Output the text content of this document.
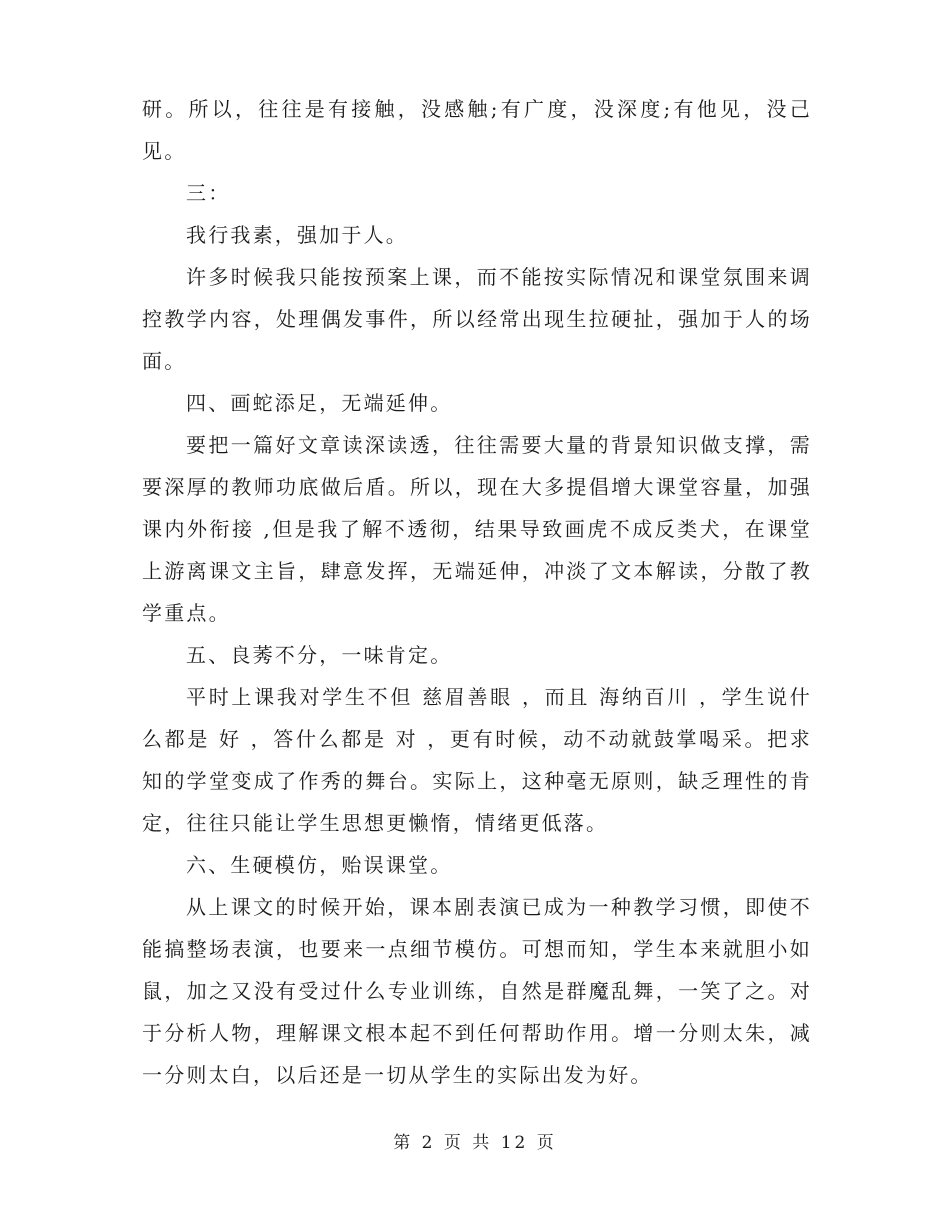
研。所以，往往是有接触，没感触;有广度，没深度;有他见，没己见。

三：

我行我素，强加于人。

许多时候我只能按预案上课，而不能按实际情况和课堂氛围来调控教学内容，处理偶发事件，所以经常出现生拉硬扯，强加于人的场面。

四、画蛇添足，无端延伸。

要把一篇好文章读深读透，往往需要大量的背景知识做支撑，需要深厚的教师功底做后盾。所以，现在大多提倡增大课堂容量，加强课内外衔接 ,但是我了解不透彻，结果导致画虎不成反类犬，在课堂上游离课文主旨，肆意发挥，无端延伸，冲淡了文本解读，分散了教学重点。

五、良莠不分，一味肯定。

平时上课我对学生不但 慈眉善眼 ，而且 海纳百川 ，学生说什么都是 好 ，答什么都是 对 ，更有时候，动不动就鼓掌喝采。把求知的学堂变成了作秀的舞台。实际上，这种毫无原则，缺乏理性的肯定，往往只能让学生思想更懒惰，情绪更低落。

六、生硬模仿，贻误课堂。

从上课文的时候开始，课本剧表演已成为一种教学习惯，即使不能搞整场表演，也要来一点细节模仿。可想而知，学生本来就胆小如鼠，加之又没有受过什么专业训练，自然是群魔乱舞，一笑了之。对于分析人物，理解课文根本起不到任何帮助作用。增一分则太朱，减一分则太白，以后还是一切从学生的实际出发为好。

第 2 页 共 12 页
